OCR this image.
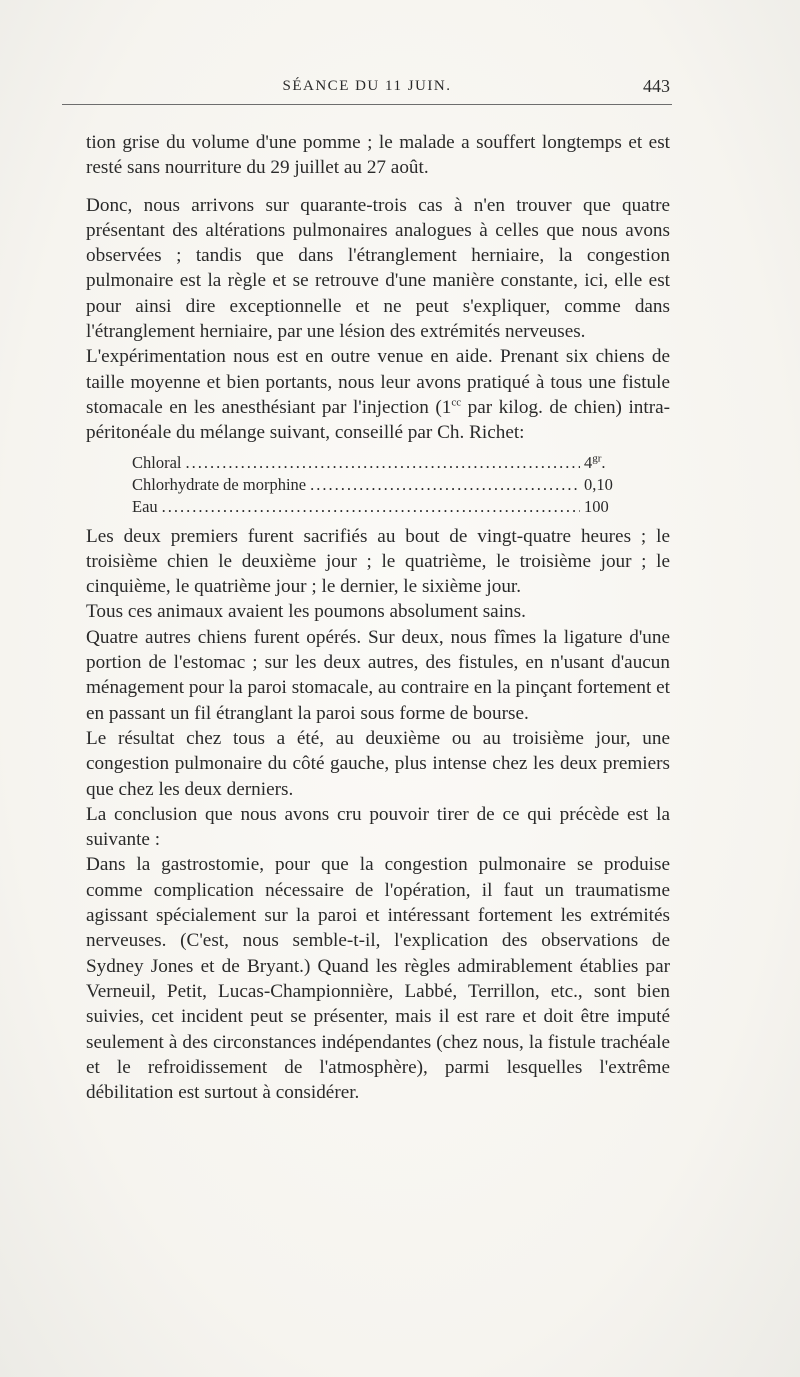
SÉANCE DU 11 JUIN.	443

tion grise du volume d'une pomme ; le malade a souffert longtemps et est resté sans nourriture du 29 juillet au 27 août.

Donc, nous arrivons sur quarante-trois cas à n'en trouver que quatre présentant des altérations pulmonaires analogues à celles que nous avons observées ; tandis que dans l'étranglement herniaire, la congestion pulmonaire est la règle et se retrouve d'une manière constante, ici, elle est pour ainsi dire exceptionnelle et ne peut s'expliquer, comme dans l'étranglement herniaire, par une lésion des extrémités nerveuses.

L'expérimentation nous est en outre venue en aide. Prenant six chiens de taille moyenne et bien portants, nous leur avons pratiqué à tous une fistule stomacale en les anesthésiant par l'injection ($1^{cc}$ par kilog. de chien) intra-péritonéale du mélange suivant, conseillé par Ch. Richet:

Chloral .....	$4^{gr}$.
Chlorhydrate de morphine .....	0,10
Eau .....	100

Les deux premiers furent sacrifiés au bout de vingt-quatre heures ; le troisième chien le deuxième jour ; le quatrième, le troisième jour ; le cinquième, le quatrième jour ; le dernier, le sixième jour.

Tous ces animaux avaient les poumons absolument sains.

Quatre autres chiens furent opérés. Sur deux, nous fîmes la ligature d'une portion de l'estomac ; sur les deux autres, des fistules, en n'usant d'aucun ménagement pour la paroi stomacale, au contraire en la pinçant fortement et en passant un fil étranglant la paroi sous forme de bourse.

Le résultat chez tous a été, au deuxième ou au troisième jour, une congestion pulmonaire du côté gauche, plus intense chez les deux premiers que chez les deux derniers.

La conclusion que nous avons cru pouvoir tirer de ce qui précède est la suivante :

Dans la gastrostomie, pour que la congestion pulmonaire se produise comme complication nécessaire de l'opération, il faut un traumatisme agissant spécialement sur la paroi et intéressant fortement les extrémités nerveuses. (C'est, nous semble-t-il, l'explication des observations de Sydney Jones et de Bryant.) Quand les règles admirablement établies par Verneuil, Petit, Lucas-Championnière, Labbé, Terrillon, etc., sont bien suivies, cet incident peut se présenter, mais il est rare et doit être imputé seulement à des circonstances indépendantes (chez nous, la fistule trachéale et le refroidissement de l'atmosphère), parmi lesquelles l'extrême débilitation est surtout à considérer.
